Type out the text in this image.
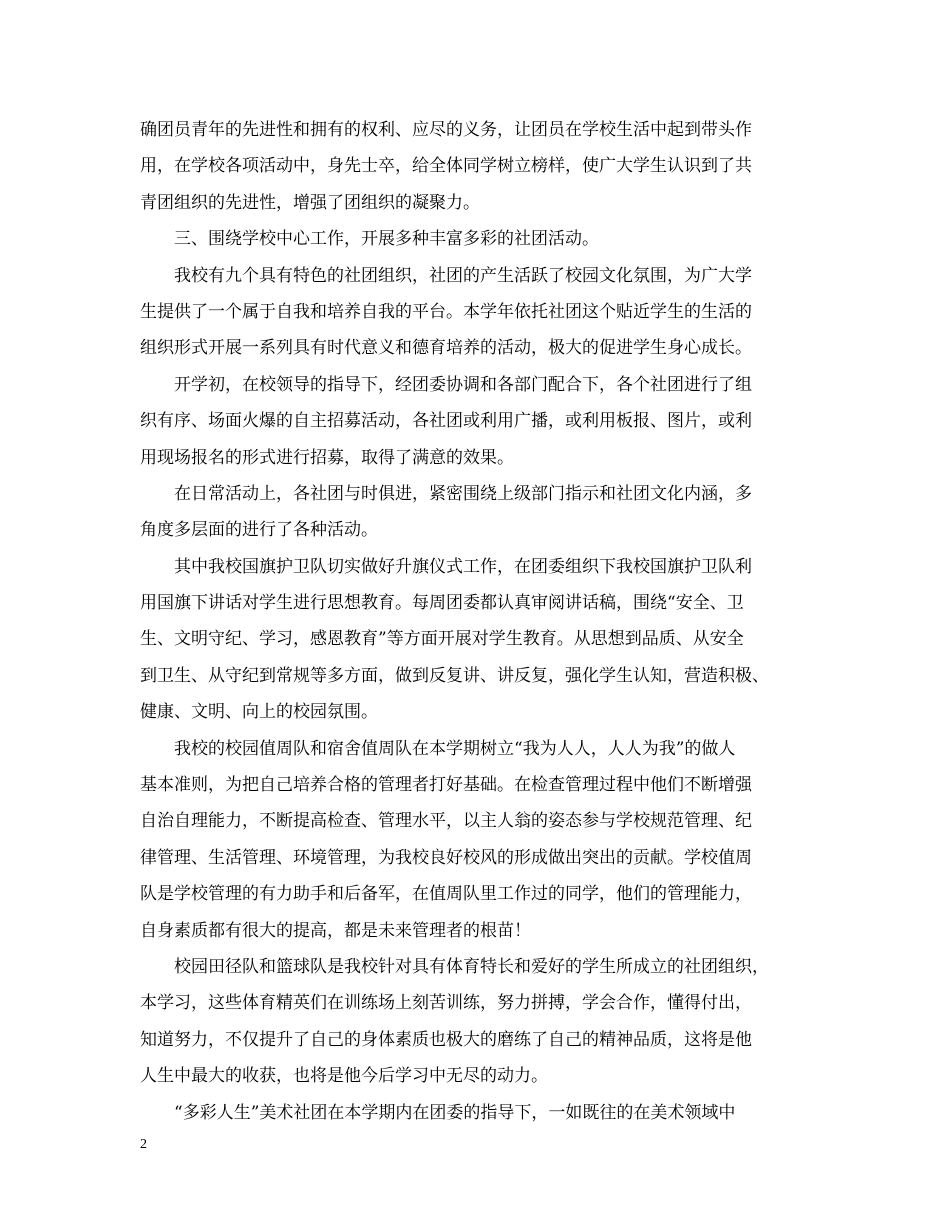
确团员青年的先进性和拥有的权利、应尽的义务，让团员在学校生活中起到带头作
用，在学校各项活动中，身先士卒，给全体同学树立榜样，使广大学生认识到了共
青团组织的先进性，增强了团组织的凝聚力。
三、围绕学校中心工作，开展多种丰富多彩的社团活动。
我校有九个具有特色的社团组织，社团的产生活跃了校园文化氛围，为广大学
生提供了一个属于自我和培养自我的平台。本学年依托社团这个贴近学生的生活的
组织形式开展一系列具有时代意义和德育培养的活动，极大的促进学生身心成长。
开学初，在校领导的指导下，经团委协调和各部门配合下，各个社团进行了组
织有序、场面火爆的自主招募活动，各社团或利用广播，或利用板报、图片，或利
用现场报名的形式进行招募，取得了满意的效果。
在日常活动上，各社团与时俱进，紧密围绕上级部门指示和社团文化内涵，多
角度多层面的进行了各种活动。
其中我校国旗护卫队切实做好升旗仪式工作，在团委组织下我校国旗护卫队利
用国旗下讲话对学生进行思想教育。每周团委都认真审阅讲话稿，围绕“安全、卫
生、文明守纪、学习，感恩教育”等方面开展对学生教育。从思想到品质、从安全
到卫生、从守纪到常规等多方面，做到反复讲、讲反复，强化学生认知，营造积极、
健康、文明、向上的校园氛围。
我校的校园值周队和宿舍值周队在本学期树立“我为人人，人人为我”的做人
基本准则，为把自己培养合格的管理者打好基础。在检查管理过程中他们不断增强
自治自理能力，不断提高检查、管理水平，以主人翁的姿态参与学校规范管理、纪
律管理、生活管理、环境管理，为我校良好校风的形成做出突出的贡献。学校值周
队是学校管理的有力助手和后备军，在值周队里工作过的同学，他们的管理能力，
自身素质都有很大的提高，都是未来管理者的根苗！
校园田径队和篮球队是我校针对具有体育特长和爱好的学生所成立的社团组织，
本学习，这些体育精英们在训练场上刻苦训练，努力拼搏，学会合作，懂得付出，
知道努力，不仅提升了自己的身体素质也极大的磨练了自己的精神品质，这将是他
人生中最大的收获，也将是他今后学习中无尽的动力。
“多彩人生”美术社团在本学期内在团委的指导下，一如既往的在美术领域中
2
